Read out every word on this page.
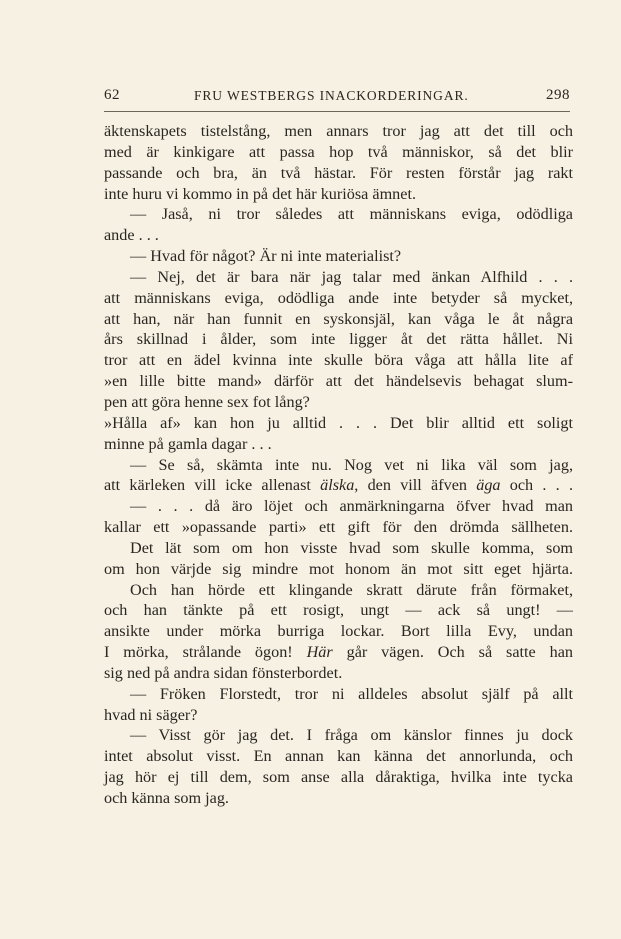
62	FRU WESTBERGS INACKORDERINGAR.	298
äktenskapets tistelstång, men annars tror jag att det till och
med är kinkigare att passa hop två människor, så det blir
passande och bra, än två hästar. För resten förstår jag rakt
inte huru vi kommo in på det här kuriösa ämnet.
— Jaså, ni tror således att människans eviga, odödliga
ande . . .
— Hvad för något? Är ni inte materialist?
— Nej, det är bara när jag talar med änkan Alfhild . . .
att människans eviga, odödliga ande inte betyder så mycket,
att han, när han funnit en syskonsjäl, kan våga le åt några
års skillnad i ålder, som inte ligger åt det rätta hållet. Ni
tror att en ädel kvinna inte skulle böra våga att hålla lite af
»en lille bitte mand» därför att det händelsevis behagat slum-
pen att göra henne sex fot lång?
»Hålla af» kan hon ju alltid . . . Det blir alltid ett soligt
minne på gamla dagar . . .
— Se så, skämta inte nu. Nog vet ni lika väl som jag,
att kärleken vill icke allenast älska, den vill äfven äga och . . .
— . . . då äro löjet och anmärkningarna öfver hvad man
kallar ett »opassande parti» ett gift för den drömda sällheten.
Det lät som om hon visste hvad som skulle komma, som
om hon värjde sig mindre mot honom än mot sitt eget hjärta.
Och han hörde ett klingande skratt därute från förmaket,
och han tänkte på ett rosigt, ungt — ack så ungt! —
ansikte under mörka burriga lockar. Bort lilla Evy, undan
I mörka, strålande ögon! Här går vägen. Och så satte han
sig ned på andra sidan fönsterbordet.
— Fröken Florstedt, tror ni alldeles absolut själf på allt
hvad ni säger?
— Visst gör jag det. I fråga om känslor finnes ju dock
intet absolut visst. En annan kan känna det annorlunda, och
jag hör ej till dem, som anse alla dåraktiga, hvilka inte tycka
och känna som jag.
